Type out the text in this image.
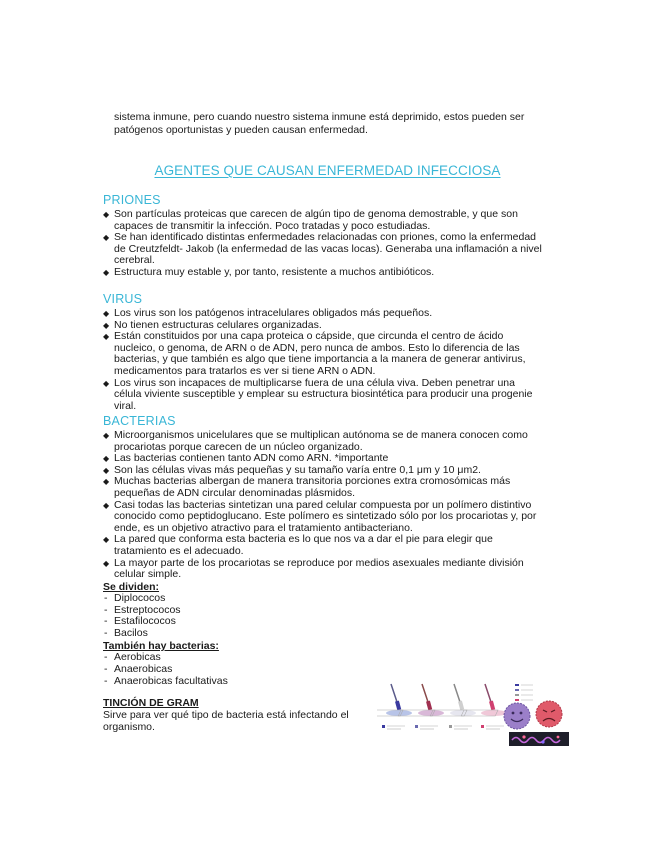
sistema inmune, pero cuando nuestro sistema inmune está deprimido, estos pueden ser patógenos oportunistas y pueden causan enfermedad.

AGENTES QUE CAUSAN ENFERMEDAD INFECCIOSA
PRIONES
◆ Son partículas proteicas que carecen de algún tipo de genoma demostrable, y que son capaces de transmitir la infección. Poco tratadas y poco estudiadas.
◆ Se han identificado distintas enfermedades relacionadas con priones, como la enfermedad de Creutzfeldt- Jakob (la enfermedad de las vacas locas). Generaba una inflamación a nivel cerebral.
◆ Estructura muy estable y, por tanto, resistente a muchos antibióticos.
VIRUS
◆ Los virus son los patógenos intracelulares obligados más pequeños.
◆ No tienen estructuras celulares organizadas.
◆ Están constituidos por una capa proteica o cápside, que circunda el centro de ácido nucleico, o genoma, de ARN o de ADN, pero nunca de ambos. Esto lo diferencia de las bacterias, y que también es algo que tiene importancia a la manera de generar antivirus, medicamentos para tratarlos es ver si tiene ARN o ADN.
◆ Los virus son incapaces de multiplicarse fuera de una célula viva. Deben penetrar una célula viviente susceptible y emplear su estructura biosintética para producir una progenie viral.
BACTERIAS
◆ Microorganismos unicelulares que se multiplican autónoma se de manera conocen como procariotas porque carecen de un núcleo organizado.
◆ Las bacterias contienen tanto ADN como ARN. *importante
◆ Son las células vivas más pequeñas y su tamaño varía entre 0,1 μm y 10 μm2.
◆ Muchas bacterias albergan de manera transitoria porciones extra cromosómicas más pequeñas de ADN circular denominadas plásmidos.
◆ Casi todas las bacterias sintetizan una pared celular compuesta por un polímero distintivo conocido como peptidoglucano. Este polímero es sintetizado sólo por los procariotas y, por ende, es un objetivo atractivo para el tratamiento antibacteriano.
◆ La pared que conforma esta bacteria es lo que nos va a dar el pie para elegir que tratamiento es el adecuado.
◆ La mayor parte de los procariotas se reproduce por medios asexuales mediante división celular simple.

Se dividen:

- Diplococos
- Estreptococos
- Estafilococos
- Bacilos

También hay bacterias:

- Aerobicas
- Anaerobicas
- Anaerobicas facultativas

TINCIÓN DE GRAM

Sirve para ver qué tipo de bacteria está infectando el organismo.
